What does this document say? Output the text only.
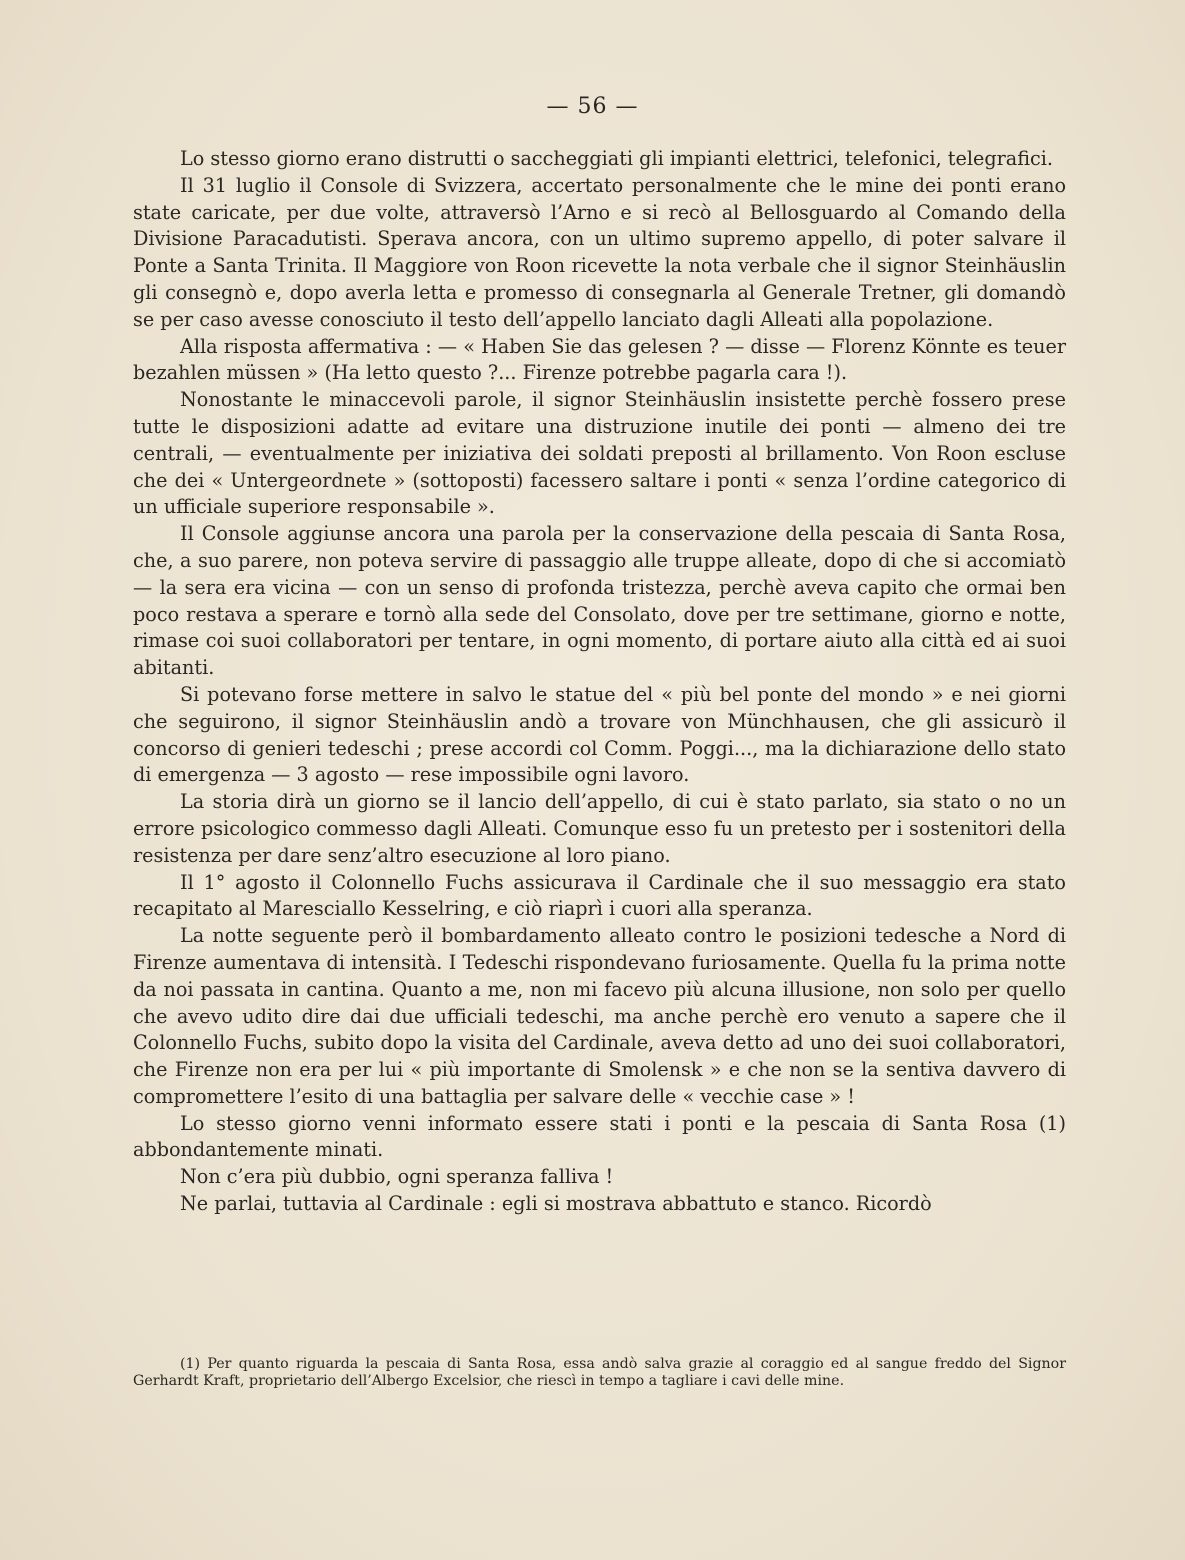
— 56 —

Lo stesso giorno erano distrutti o saccheggiati gli impianti elettrici, telefonici, telegrafici.

Il 31 luglio il Console di Svizzera, accertato personalmente che le mine dei ponti erano state caricate, per due volte, attraversò l’Arno e si recò al Bellosguardo al Comando della Divisione Paracadutisti. Sperava ancora, con un ultimo supremo appello, di poter salvare il Ponte a Santa Trinita. Il Maggiore von Roon ricevette la nota verbale che il signor Steinhäuslin gli consegnò e, dopo averla letta e promesso di consegnarla al Generale Tretner, gli domandò se per caso avesse conosciuto il testo dell’appello lanciato dagli Alleati alla popolazione.

Alla risposta affermativa : — « Haben Sie das gelesen ? — disse — Florenz Könnte es teuer bezahlen müssen » (Ha letto questo ?... Firenze potrebbe pagarla cara !).

Nonostante le minaccevoli parole, il signor Steinhäuslin insistette perchè fossero prese tutte le disposizioni adatte ad evitare una distruzione inutile dei ponti — almeno dei tre centrali, — eventualmente per iniziativa dei soldati preposti al brillamento. Von Roon escluse che dei « Untergeordnete » (sottoposti) facessero saltare i ponti « senza l’ordine categorico di un ufficiale superiore responsabile ».

Il Console aggiunse ancora una parola per la conservazione della pescaia di Santa Rosa, che, a suo parere, non poteva servire di passaggio alle truppe alleate, dopo di che si accomiatò — la sera era vicina — con un senso di profonda tristezza, perchè aveva capito che ormai ben poco restava a sperare e tornò alla sede del Consolato, dove per tre settimane, giorno e notte, rimase coi suoi collaboratori per tentare, in ogni momento, di portare aiuto alla città ed ai suoi abitanti.

Si potevano forse mettere in salvo le statue del « più bel ponte del mondo » e nei giorni che seguirono, il signor Steinhäuslin andò a trovare von Münchhausen, che gli assicurò il concorso di genieri tedeschi ; prese accordi col Comm. Poggi..., ma la dichiarazione dello stato di emergenza — 3 agosto — rese impossibile ogni lavoro.

La storia dirà un giorno se il lancio dell’appello, di cui è stato parlato, sia stato o no un errore psicologico commesso dagli Alleati. Comunque esso fu un pretesto per i sostenitori della resistenza per dare senz’altro esecuzione al loro piano.

Il 1° agosto il Colonnello Fuchs assicurava il Cardinale che il suo messaggio era stato recapitato al Maresciallo Kesselring, e ciò riaprì i cuori alla speranza.

La notte seguente però il bombardamento alleato contro le posizioni tedesche a Nord di Firenze aumentava di intensità. I Tedeschi rispondevano furiosamente. Quella fu la prima notte da noi passata in cantina. Quanto a me, non mi facevo più alcuna illusione, non solo per quello che avevo udito dire dai due ufficiali tedeschi, ma anche perchè ero venuto a sapere che il Colonnello Fuchs, subito dopo la visita del Cardinale, aveva detto ad uno dei suoi collaboratori, che Firenze non era per lui « più importante di Smolensk » e che non se la sentiva davvero di compromettere l’esito di una battaglia per salvare delle « vecchie case » !

Lo stesso giorno venni informato essere stati i ponti e la pescaia di Santa Rosa (1) abbondantemente minati.

Non c’era più dubbio, ogni speranza falliva !

Ne parlai, tuttavia al Cardinale : egli si mostrava abbattuto e stanco. Ricordò

(1) Per quanto riguarda la pescaia di Santa Rosa, essa andò salva grazie al coraggio ed al sangue freddo del Signor Gerhardt Kraft, proprietario dell’Albergo Excelsior, che riescì in tempo a tagliare i cavi delle mine.
